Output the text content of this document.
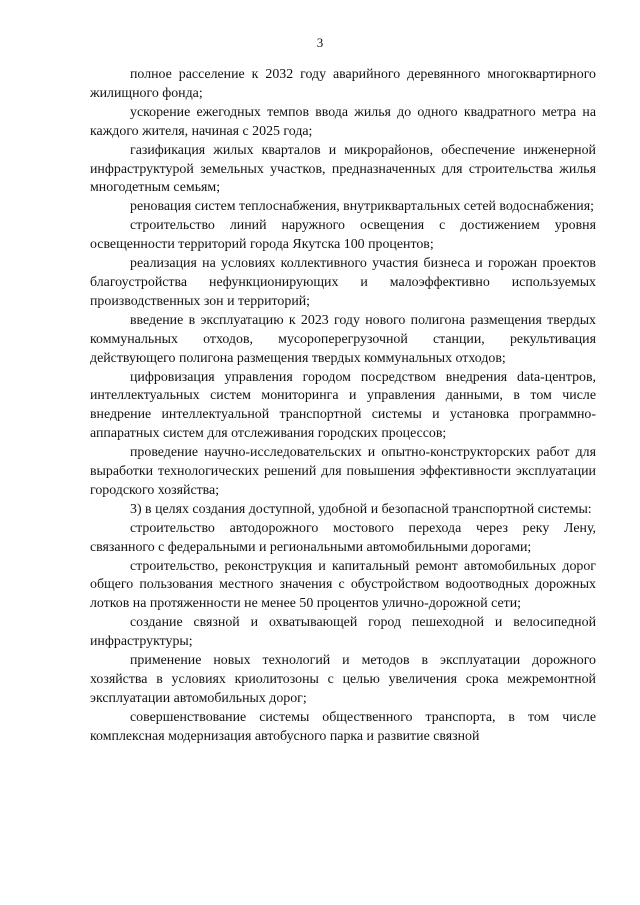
3

полное расселение к 2032 году аварийного деревянного многоквартирного жилищного фонда;

ускорение ежегодных темпов ввода жилья до одного квадратного метра на каждого жителя, начиная с 2025 года;

газификация жилых кварталов и микрорайонов, обеспечение инженерной инфраструктурой земельных участков, предназначенных для строительства жилья многодетным семьям;

реновация систем теплоснабжения, внутриквартальных сетей водоснабжения;

строительство линий наружного освещения с достижением уровня освещенности территорий города Якутска 100 процентов;

реализация на условиях коллективного участия бизнеса и горожан проектов благоустройства нефункционирующих и малоэффективно используемых производственных зон и территорий;

введение в эксплуатацию к 2023 году нового полигона размещения твердых коммунальных отходов, мусороперегрузочной станции, рекультивация действующего полигона размещения твердых коммунальных отходов;

цифровизация управления городом посредством внедрения data-центров, интеллектуальных систем мониторинга и управления данными, в том числе внедрение интеллектуальной транспортной системы и установка программно-аппаратных систем для отслеживания городских процессов;

проведение научно-исследовательских и опытно-конструкторских работ для выработки технологических решений для повышения эффективности эксплуатации городского хозяйства;

3) в целях создания доступной, удобной и безопасной транспортной системы:

строительство автодорожного мостового перехода через реку Лену, связанного с федеральными и региональными автомобильными дорогами;

строительство, реконструкция и капитальный ремонт автомобильных дорог общего пользования местного значения с обустройством водоотводных дорожных лотков на протяженности не менее 50 процентов улично-дорожной сети;

создание связной и охватывающей город пешеходной и велосипедной инфраструктуры;

применение новых технологий и методов в эксплуатации дорожного хозяйства в условиях криолитозоны с целью увеличения срока межремонтной эксплуатации автомобильных дорог;

совершенствование системы общественного транспорта, в том числе комплексная модернизация автобусного парка и развитие связной
